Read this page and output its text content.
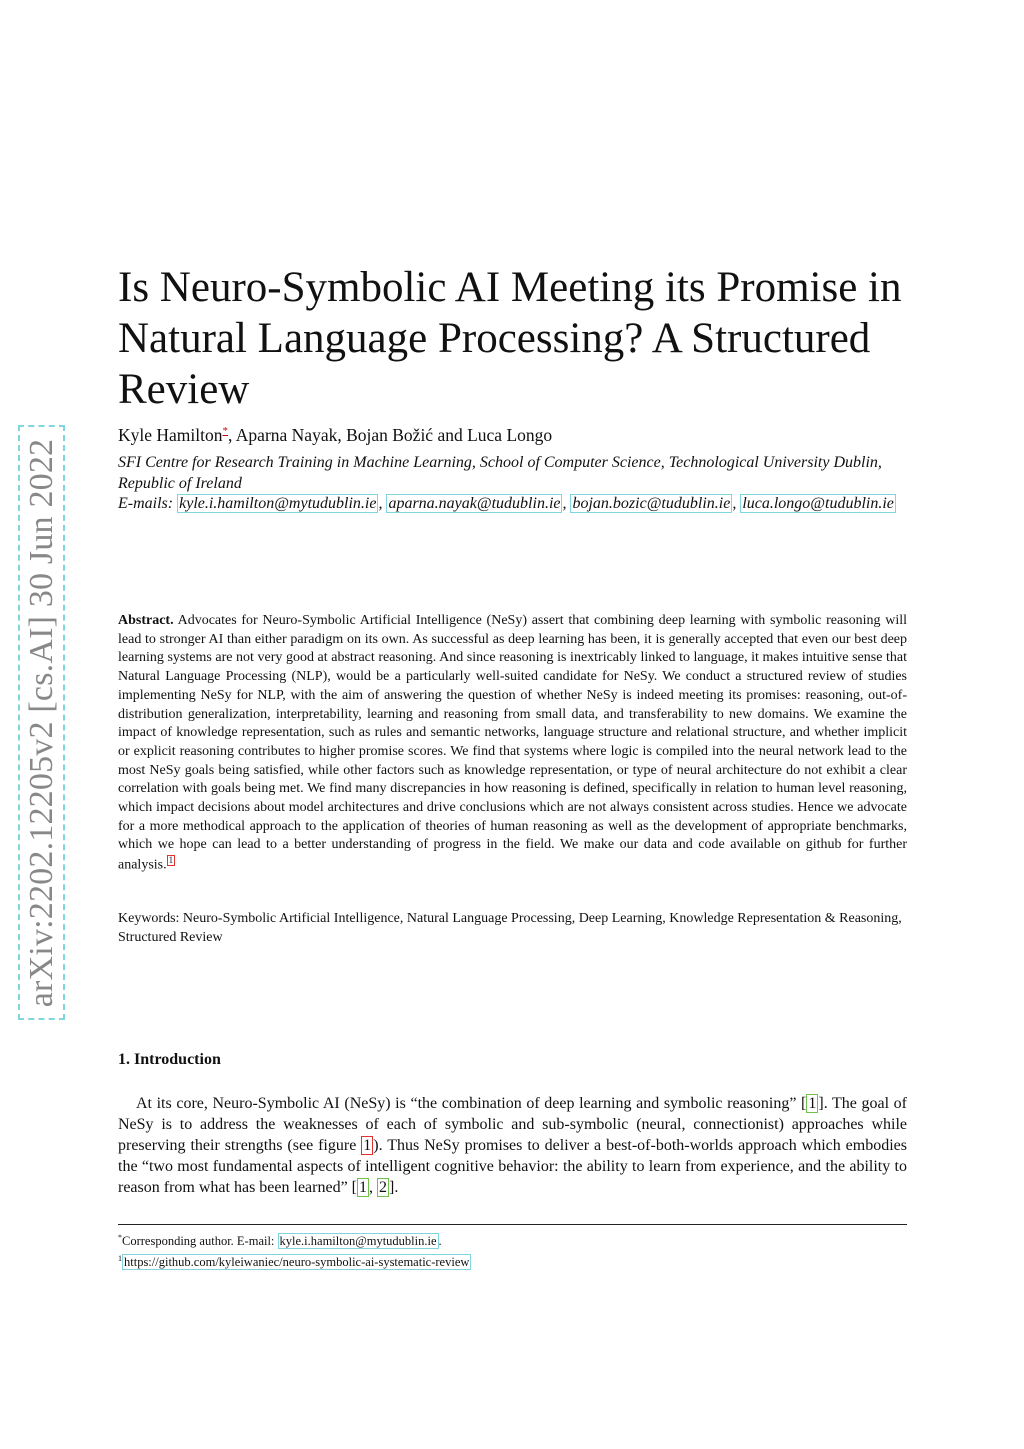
arXiv:2202.12205v2 [cs.AI] 30 Jun 2022
Is Neuro-Symbolic AI Meeting its Promise in Natural Language Processing? A Structured Review
Kyle Hamilton*, Aparna Nayak, Bojan Božić and Luca Longo
SFI Centre for Research Training in Machine Learning, School of Computer Science, Technological University Dublin, Republic of Ireland
E-mails: kyle.i.hamilton@mytudublin.ie , aparna.nayak@tudublin.ie , bojan.bozic@tudublin.ie , luca.longo@tudublin.ie

Abstract. Advocates for Neuro-Symbolic Artificial Intelligence (NeSy) assert that combining deep learning with symbolic reasoning will lead to stronger AI than either paradigm on its own. As successful as deep learning has been, it is generally accepted that even our best deep learning systems are not very good at abstract reasoning. And since reasoning is inextricably linked to language, it makes intuitive sense that Natural Language Processing (NLP), would be a particularly well-suited candidate for NeSy. We conduct a structured review of studies implementing NeSy for NLP, with the aim of answering the question of whether NeSy is indeed meeting its promises: reasoning, out-of-distribution generalization, interpretability, learning and reasoning from small data, and transferability to new domains. We examine the impact of knowledge representation, such as rules and semantic networks, language structure and relational structure, and whether implicit or explicit reasoning contributes to higher promise scores. We find that systems where logic is compiled into the neural network lead to the most NeSy goals being satisfied, while other factors such as knowledge representation, or type of neural architecture do not exhibit a clear correlation with goals being met. We find many discrepancies in how reasoning is defined, specifically in relation to human level reasoning, which impact decisions about model architectures and drive conclusions which are not always consistent across studies. Hence we advocate for a more methodical approach to the application of theories of human reasoning as well as the development of appropriate benchmarks, which we hope can lead to a better understanding of progress in the field. We make our data and code available on github for further analysis. 1

Keywords: Neuro-Symbolic Artificial Intelligence, Natural Language Processing, Deep Learning, Knowledge Representation & Reasoning, Structured Review

1. Introduction

At its core, Neuro-Symbolic AI (NeSy) is “the combination of deep learning and symbolic reasoning” [ 1 ]. The goal of NeSy is to address the weaknesses of each of symbolic and sub-symbolic (neural, connectionist) approaches while preserving their strengths (see figure 1 ). Thus NeSy promises to deliver a best-of-both-worlds approach which embodies the “two most fundamental aspects of intelligent cognitive behavior: the ability to learn from experience, and the ability to reason from what has been learned” [ 1 , 2 ].

*Corresponding author. E-mail: kyle.i.hamilton@mytudublin.ie .
$^1$ https://github.com/kyleiwaniec/neuro-symbolic-ai-systematic-review
